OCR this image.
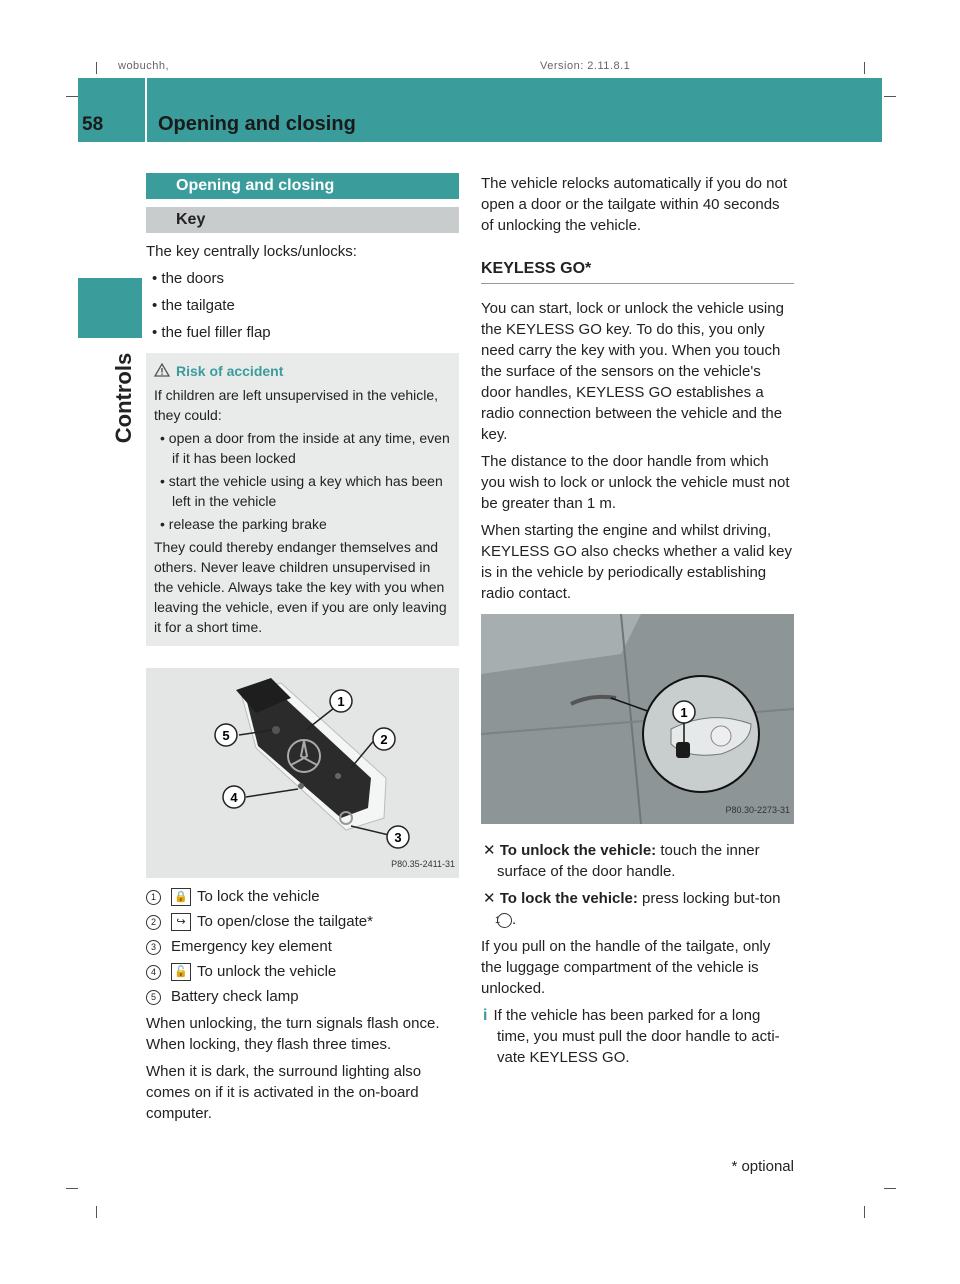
wobuchh,	Version: 2.11.8.1
58	Opening and closing
Controls
Opening and closing
Key

The key centrally locks/unlocks:

• the doors

• the tailgate

• the fuel filler flap

Risk of accident

If children are left unsupervised in the vehicle, they could:

• open a door from the inside at any time, even if it has been locked

• start the vehicle using a key which has been left in the vehicle

• release the parking brake

They could thereby endanger themselves and others. Never leave children unsupervised in the vehicle. Always take the key with you when leaving the vehicle, even if you are only leaving it for a short time.

1
2
3
4
5
P80.35-2411-31
1 🔒 To lock the vehicle
2 ↪ To open/close the tailgate*
3 Emergency key element
4 🔓 To unlock the vehicle
5 Battery check lamp

When unlocking, the turn signals flash once. When locking, they flash three times.

When it is dark, the surround lighting also comes on if it is activated in the on-board computer.

The vehicle relocks automatically if you do not open a door or the tailgate within 40 seconds of unlocking the vehicle.

KEYLESS GO*

You can start, lock or unlock the vehicle using the KEYLESS GO key. To do this, you only need carry the key with you. When you touch the surface of the sensors on the vehicle's door handles, KEYLESS GO establishes a radio connection between the vehicle and the key.

The distance to the door handle from which you wish to lock or unlock the vehicle must not be greater than 1 m.

When starting the engine and whilst driving, KEYLESS GO also checks whether a valid key is in the vehicle by periodically establishing radio contact.

1
P80.30-2273-31

✕ To unlock the vehicle: touch the inner surface of the door handle.

✕ To lock the vehicle: press locking but-ton 1 .

If you pull on the handle of the tailgate, only the luggage compartment of the vehicle is unlocked.

i If the vehicle has been parked for a long time, you must pull the door handle to acti-vate KEYLESS GO.

* optional
